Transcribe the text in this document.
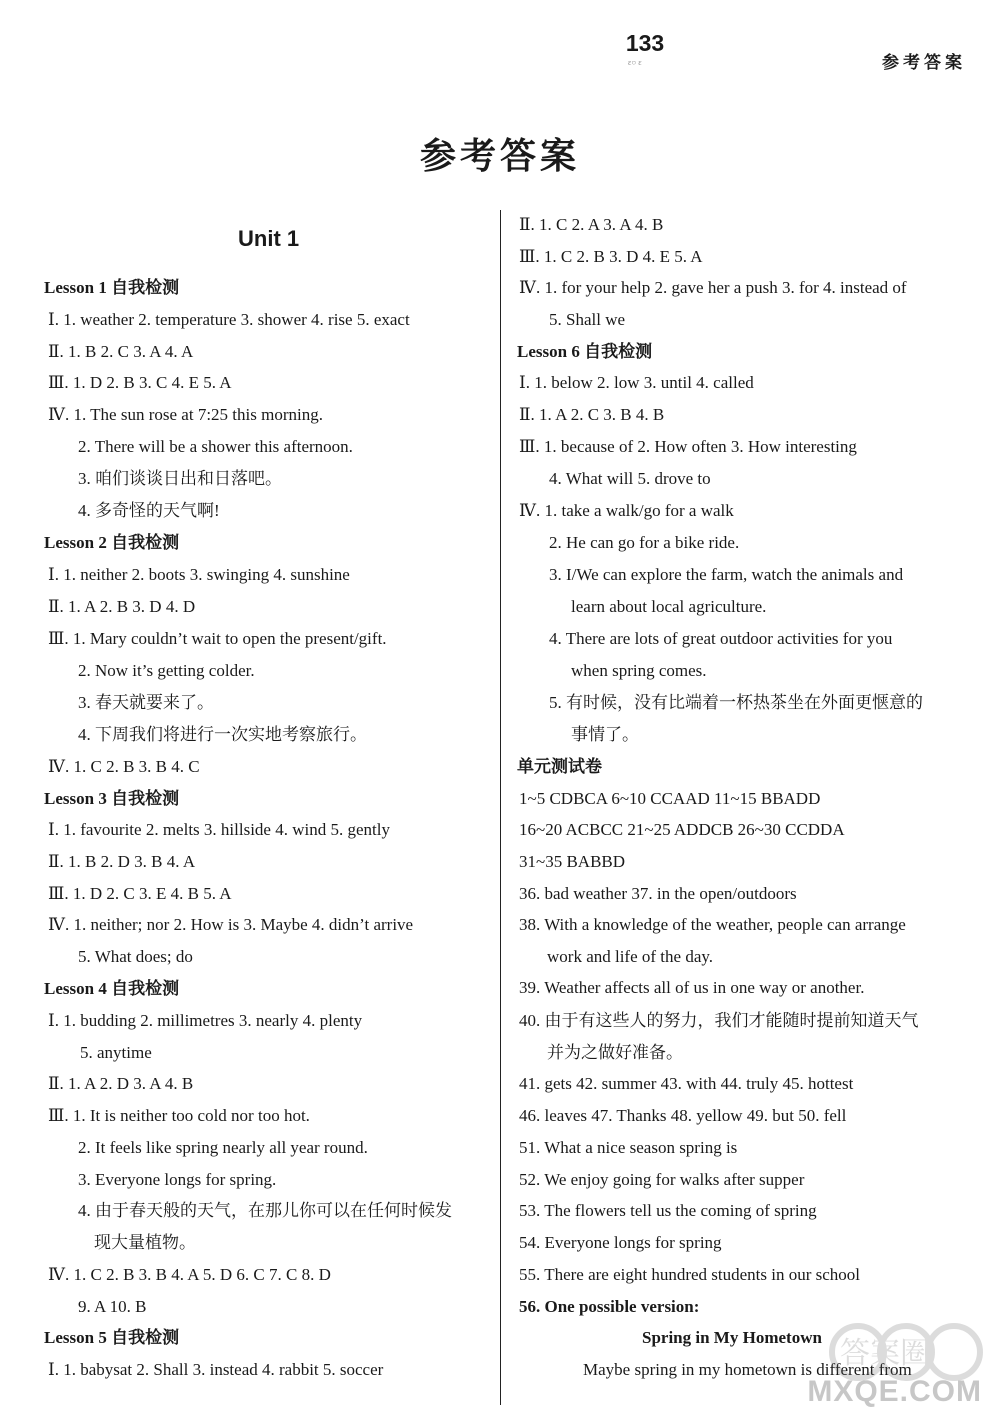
133
ε○ ε	参考答案
参考答案
Unit 1
Lesson 1 自我检测
Ⅰ. 1. weather 2. temperature 3. shower 4. rise 5. exact
Ⅱ. 1. B 2. C 3. A 4. A
Ⅲ. 1. D 2. B 3. C 4. E 5. A
Ⅳ. 1. The sun rose at 7:25 this morning.
2. There will be a shower this afternoon.
3. 咱们谈谈日出和日落吧。
4. 多奇怪的天气啊!
Lesson 2 自我检测
Ⅰ. 1. neither 2. boots 3. swinging 4. sunshine
Ⅱ. 1. A 2. B 3. D 4. D
Ⅲ. 1. Mary couldn’t wait to open the present/gift.
2. Now it’s getting colder.
3. 春天就要来了。
4. 下周我们将进行一次实地考察旅行。
Ⅳ. 1. C 2. B 3. B 4. C
Lesson 3 自我检测
Ⅰ. 1. favourite 2. melts 3. hillside 4. wind 5. gently
Ⅱ. 1. B 2. D 3. B 4. A
Ⅲ. 1. D 2. C 3. E 4. B 5. A
Ⅳ. 1. neither; nor 2. How is 3. Maybe 4. didn’t arrive
5. What does; do
Lesson 4 自我检测
Ⅰ. 1. budding 2. millimetres 3. nearly 4. plenty
5. anytime
Ⅱ. 1. A 2. D 3. A 4. B
Ⅲ. 1. It is neither too cold nor too hot.
2. It feels like spring nearly all year round.
3. Everyone longs for spring.
4. 由于春天般的天气，在那儿你可以在任何时候发
现大量植物。
Ⅳ. 1. C 2. B 3. B 4. A 5. D 6. C 7. C 8. D
9. A 10. B
Lesson 5 自我检测
Ⅰ. 1. babysat 2. Shall 3. instead 4. rabbit 5. soccer
Ⅱ. 1. C 2. A 3. A 4. B
Ⅲ. 1. C 2. B 3. D 4. E 5. A
Ⅳ. 1. for your help 2. gave her a push 3. for 4. instead of
5. Shall we
Lesson 6 自我检测
Ⅰ. 1. below 2. low 3. until 4. called
Ⅱ. 1. A 2. C 3. B 4. B
Ⅲ. 1. because of 2. How often 3. How interesting
4. What will 5. drove to
Ⅳ. 1. take a walk/go for a walk
2. He can go for a bike ride.
3. I/We can explore the farm, watch the animals and
learn about local agriculture.
4. There are lots of great outdoor activities for you
when spring comes.
5. 有时候，没有比端着一杯热茶坐在外面更惬意的
事情了。
单元测试卷
1~5 CDBCA 6~10 CCAAD 11~15 BBADD
16~20 ACBCC 21~25 ADDCB 26~30 CCDDA
31~35 BABBD
36. bad weather 37. in the open/outdoors
38. With a knowledge of the weather, people can arrange
work and life of the day.
39. Weather affects all of us in one way or another.
40. 由于有这些人的努力，我们才能随时提前知道天气
并为之做好准备。
41. gets 42. summer 43. with 44. truly 45. hottest
46. leaves 47. Thanks 48. yellow 49. but 50. fell
51. What a nice season spring is
52. We enjoy going for walks after supper
53. The flowers tell us the coming of spring
54. Everyone longs for spring
55. There are eight hundred students in our school
56. One possible version:
Spring in My Hometown
Maybe spring in my hometown is different from
答案圈
MXQE.COM
